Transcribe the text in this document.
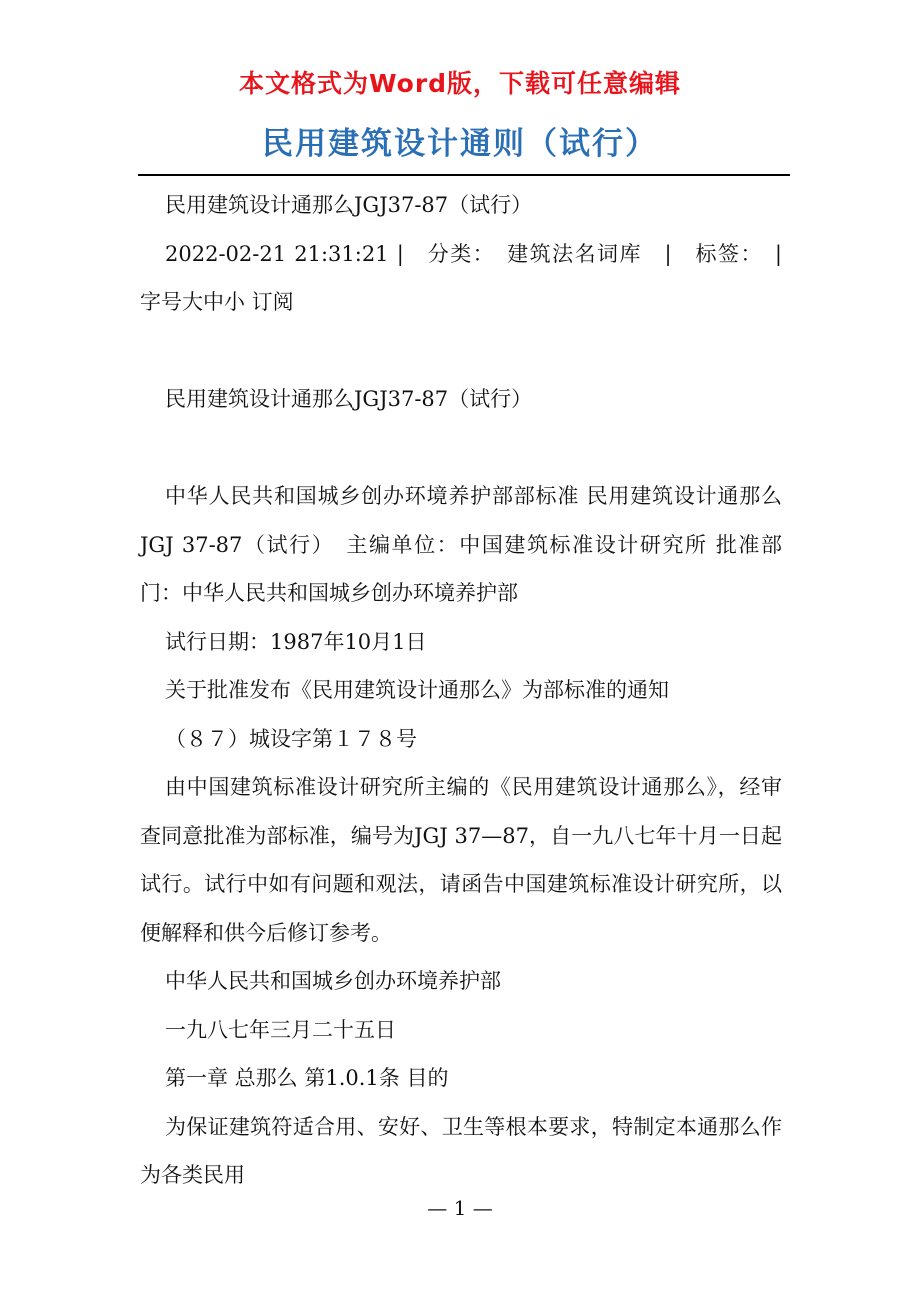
本文格式为Word版，下载可任意编辑
民用建筑设计通则（试行）

民用建筑设计通那么JGJ37-87（试行）

2022-02-21 21:31:21 |　分类：　建筑法名词库　|　标签：　|　字号大中小 订阅

民用建筑设计通那么JGJ37-87（试行）

中华人民共和国城乡创办环境养护部部标准 民用建筑设计通那么JGJ 37-87（试行）　主编单位：中国建筑标准设计研究所 批准部门：中华人民共和国城乡创办环境养护部

试行日期：1987年10月1日

关于批准发布《民用建筑设计通那么》为部标准的通知

（８７）城设字第１７８号

由中国建筑标准设计研究所主编的《民用建筑设计通那么》，经审查同意批准为部标准，编号为JGJ 37—87，自一九八七年十月一日起试行。试行中如有问题和观法，请函告中国建筑标准设计研究所，以便解释和供今后修订参考。

中华人民共和国城乡创办环境养护部

一九八七年三月二十五日

第一章 总那么 第1.0.1条 目的

为保证建筑符适合用、安好、卫生等根本要求，特制定本通那么作为各类民用

— 1 —
